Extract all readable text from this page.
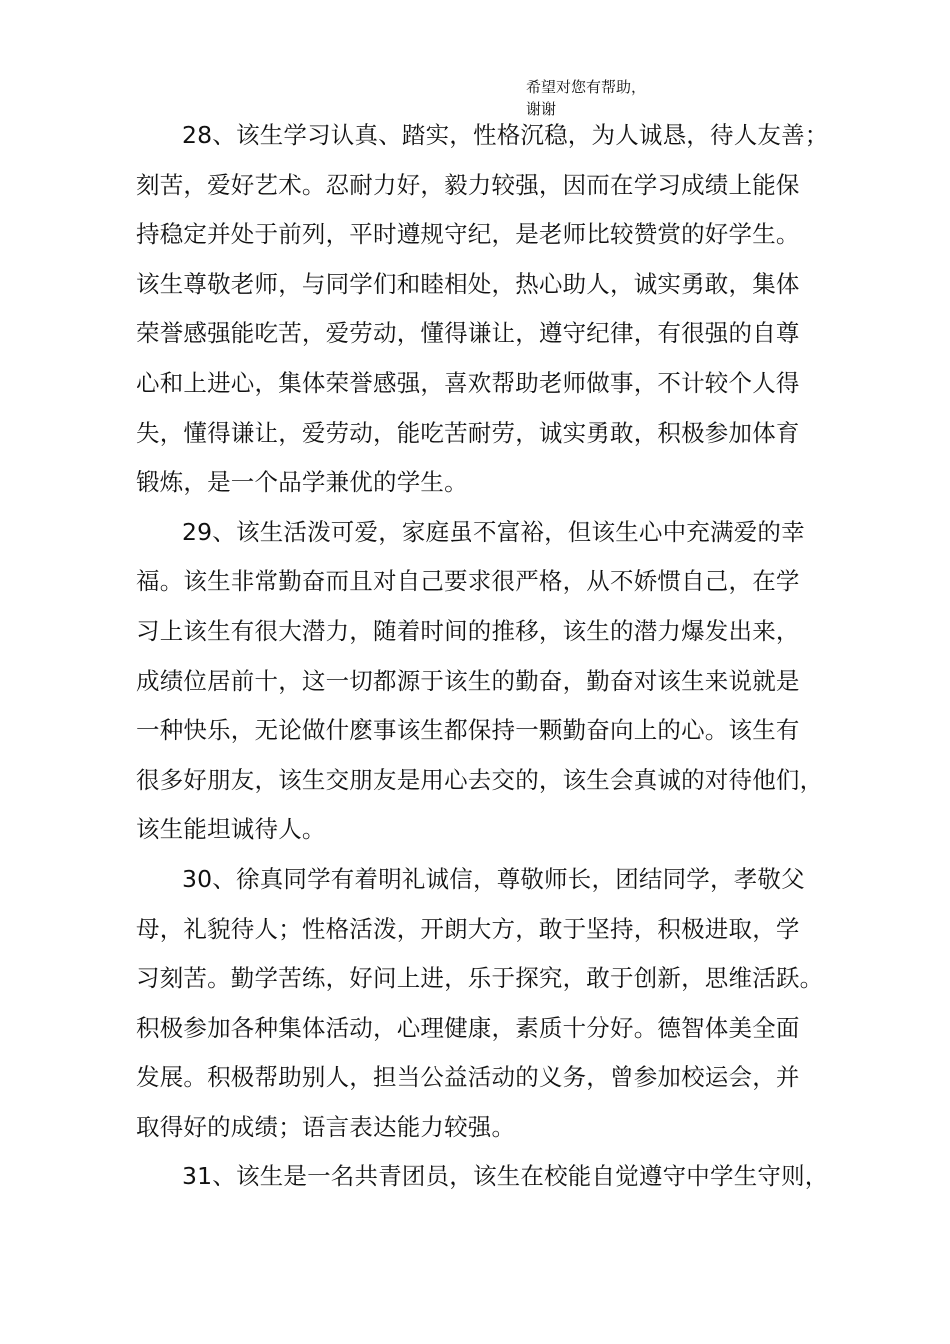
希望对您有帮助，
谢谢
28、该生学习认真、踏实，性格沉稳，为人诚恳，待人友善；
刻苦，爱好艺术。忍耐力好，毅力较强，因而在学习成绩上能保
持稳定并处于前列，平时遵规守纪，是老师比较赞赏的好学生。
该生尊敬老师，与同学们和睦相处，热心助人，诚实勇敢，集体
荣誉感强能吃苦，爱劳动，懂得谦让，遵守纪律，有很强的自尊
心和上进心，集体荣誉感强，喜欢帮助老师做事，不计较个人得
失，懂得谦让，爱劳动，能吃苦耐劳，诚实勇敢，积极参加体育
锻炼，是一个品学兼优的学生。
29、该生活泼可爱，家庭虽不富裕，但该生心中充满爱的幸
福。该生非常勤奋而且对自己要求很严格，从不娇惯自己，在学
习上该生有很大潜力，随着时间的推移，该生的潜力爆发出来，
成绩位居前十，这一切都源于该生的勤奋，勤奋对该生来说就是
一种快乐，无论做什麽事该生都保持一颗勤奋向上的心。该生有
很多好朋友，该生交朋友是用心去交的，该生会真诚的对待他们，
该生能坦诚待人。
30、徐真同学有着明礼诚信，尊敬师长，团结同学，孝敬父
母，礼貌待人；性格活泼，开朗大方，敢于坚持，积极进取，学
习刻苦。勤学苦练，好问上进，乐于探究，敢于创新，思维活跃。
积极参加各种集体活动，心理健康，素质十分好。德智体美全面
发展。积极帮助别人，担当公益活动的义务，曾参加校运会，并
取得好的成绩；语言表达能力较强。
31、该生是一名共青团员，该生在校能自觉遵守中学生守则，
